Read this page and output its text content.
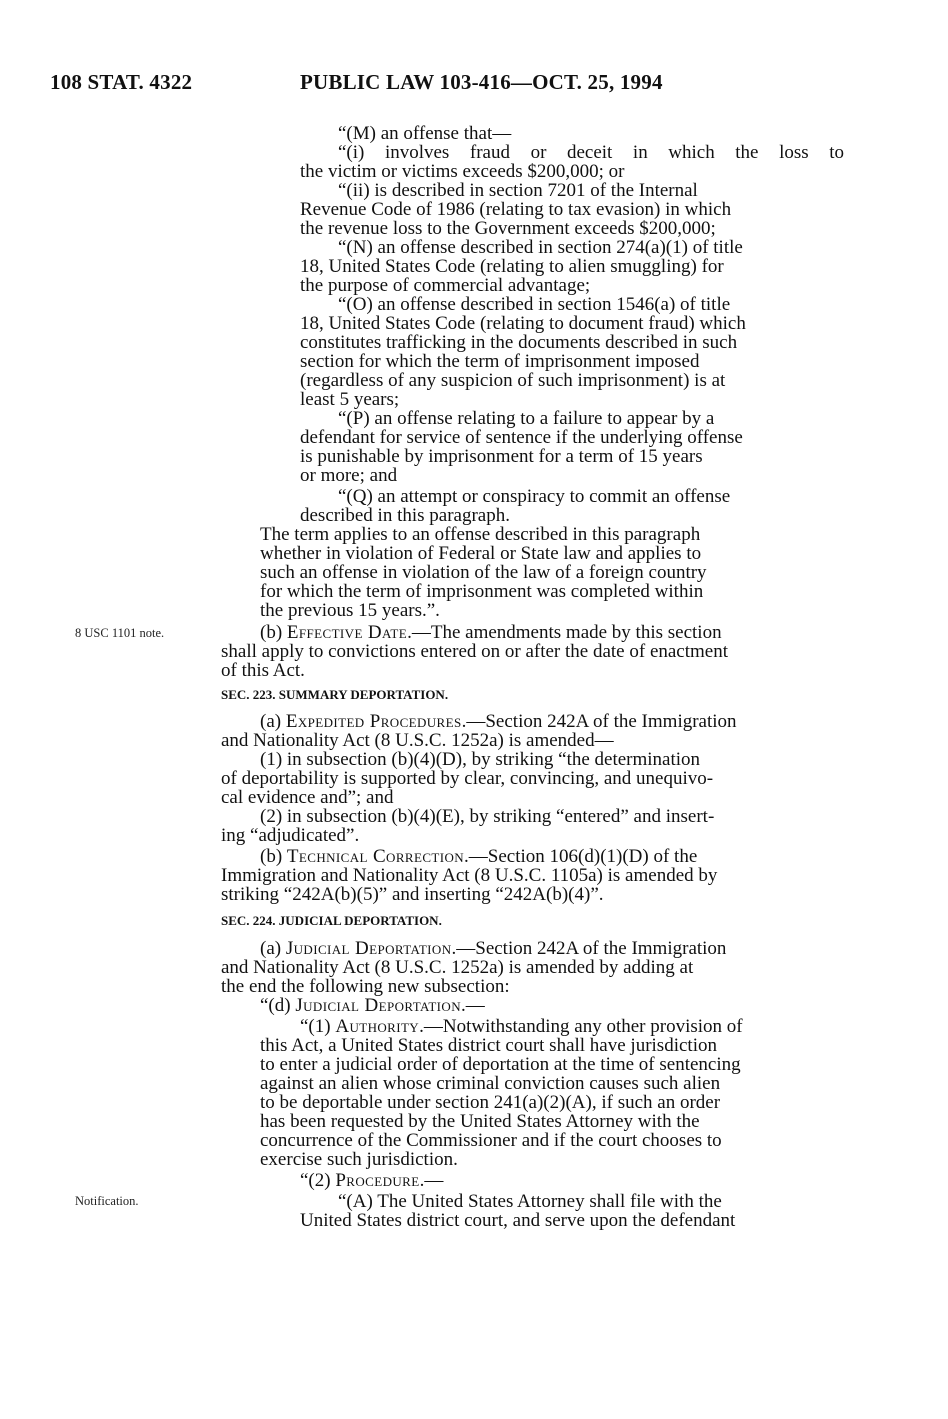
108 STAT. 4322	PUBLIC LAW 103-416—OCT. 25, 1994
8 USC 1101 note.
Notification.
“(M) an offense that—
“(i) involves fraud or deceit in which the loss to
the victim or victims exceeds $200,000; or
“(ii) is described in section 7201 of the Internal
Revenue Code of 1986 (relating to tax evasion) in which
the revenue loss to the Government exceeds $200,000;
“(N) an offense described in section 274(a)(1) of title
18, United States Code (relating to alien smuggling) for
the purpose of commercial advantage;
“(O) an offense described in section 1546(a) of title
18, United States Code (relating to document fraud) which
constitutes trafficking in the documents described in such
section for which the term of imprisonment imposed
(regardless of any suspicion of such imprisonment) is at
least 5 years;
“(P) an offense relating to a failure to appear by a
defendant for service of sentence if the underlying offense
is punishable by imprisonment for a term of 15 years
or more; and
“(Q) an attempt or conspiracy to commit an offense
described in this paragraph.
The term applies to an offense described in this paragraph
whether in violation of Federal or State law and applies to
such an offense in violation of the law of a foreign country
for which the term of imprisonment was completed within
the previous 15 years.”.
(b) Effective Date.—The amendments made by this section
shall apply to convictions entered on or after the date of enactment
of this Act.
SEC. 223. SUMMARY DEPORTATION.
(a) Expedited Procedures.—Section 242A of the Immigration
and Nationality Act (8 U.S.C. 1252a) is amended—
(1) in subsection (b)(4)(D), by striking “the determination
of deportability is supported by clear, convincing, and unequivo-
cal evidence and”; and
(2) in subsection (b)(4)(E), by striking “entered” and insert-
ing “adjudicated”.
(b) Technical Correction.—Section 106(d)(1)(D) of the
Immigration and Nationality Act (8 U.S.C. 1105a) is amended by
striking “242A(b)(5)” and inserting “242A(b)(4)”.
SEC. 224. JUDICIAL DEPORTATION.
(a) Judicial Deportation.—Section 242A of the Immigration
and Nationality Act (8 U.S.C. 1252a) is amended by adding at
the end the following new subsection:
“(d) Judicial Deportation.—
“(1) Authority.—Notwithstanding any other provision of
this Act, a United States district court shall have jurisdiction
to enter a judicial order of deportation at the time of sentencing
against an alien whose criminal conviction causes such alien
to be deportable under section 241(a)(2)(A), if such an order
has been requested by the United States Attorney with the
concurrence of the Commissioner and if the court chooses to
exercise such jurisdiction.
“(2) Procedure.—
“(A) The United States Attorney shall file with the
United States district court, and serve upon the defendant
